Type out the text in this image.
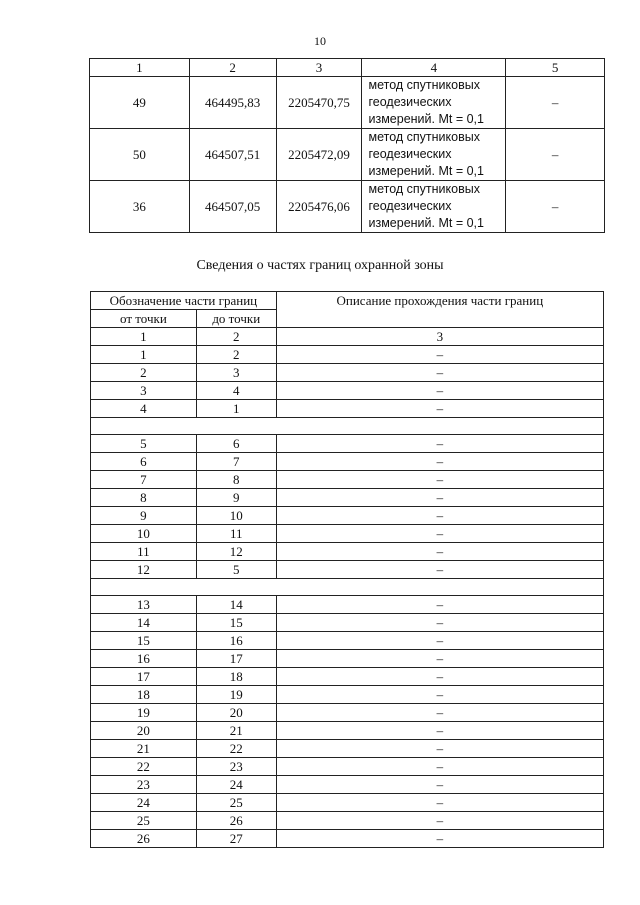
10
1	2	3	4	5
49	464495,83	2205470,75	метод спутниковых
геодезических
измерений. Mt = 0,1	–
50	464507,51	2205472,09	метод спутниковых
геодезических
измерений. Mt = 0,1	–
36	464507,05	2205476,06	метод спутниковых
геодезических
измерений. Mt = 0,1	–
Сведения о частях границ охранной зоны
Обозначение части границ		Описание прохождения части границ
от точки	до точки	
1	2	3
1	2	–
2	3	–
3	4	–
4	1	–

5	6	–
6	7	–
7	8	–
8	9	–
9	10	–
10	11	–
11	12	–
12	5	–

13	14	–
14	15	–
15	16	–
16	17	–
17	18	–
18	19	–
19	20	–
20	21	–
21	22	–
22	23	–
23	24	–
24	25	–
25	26	–
26	27	–
